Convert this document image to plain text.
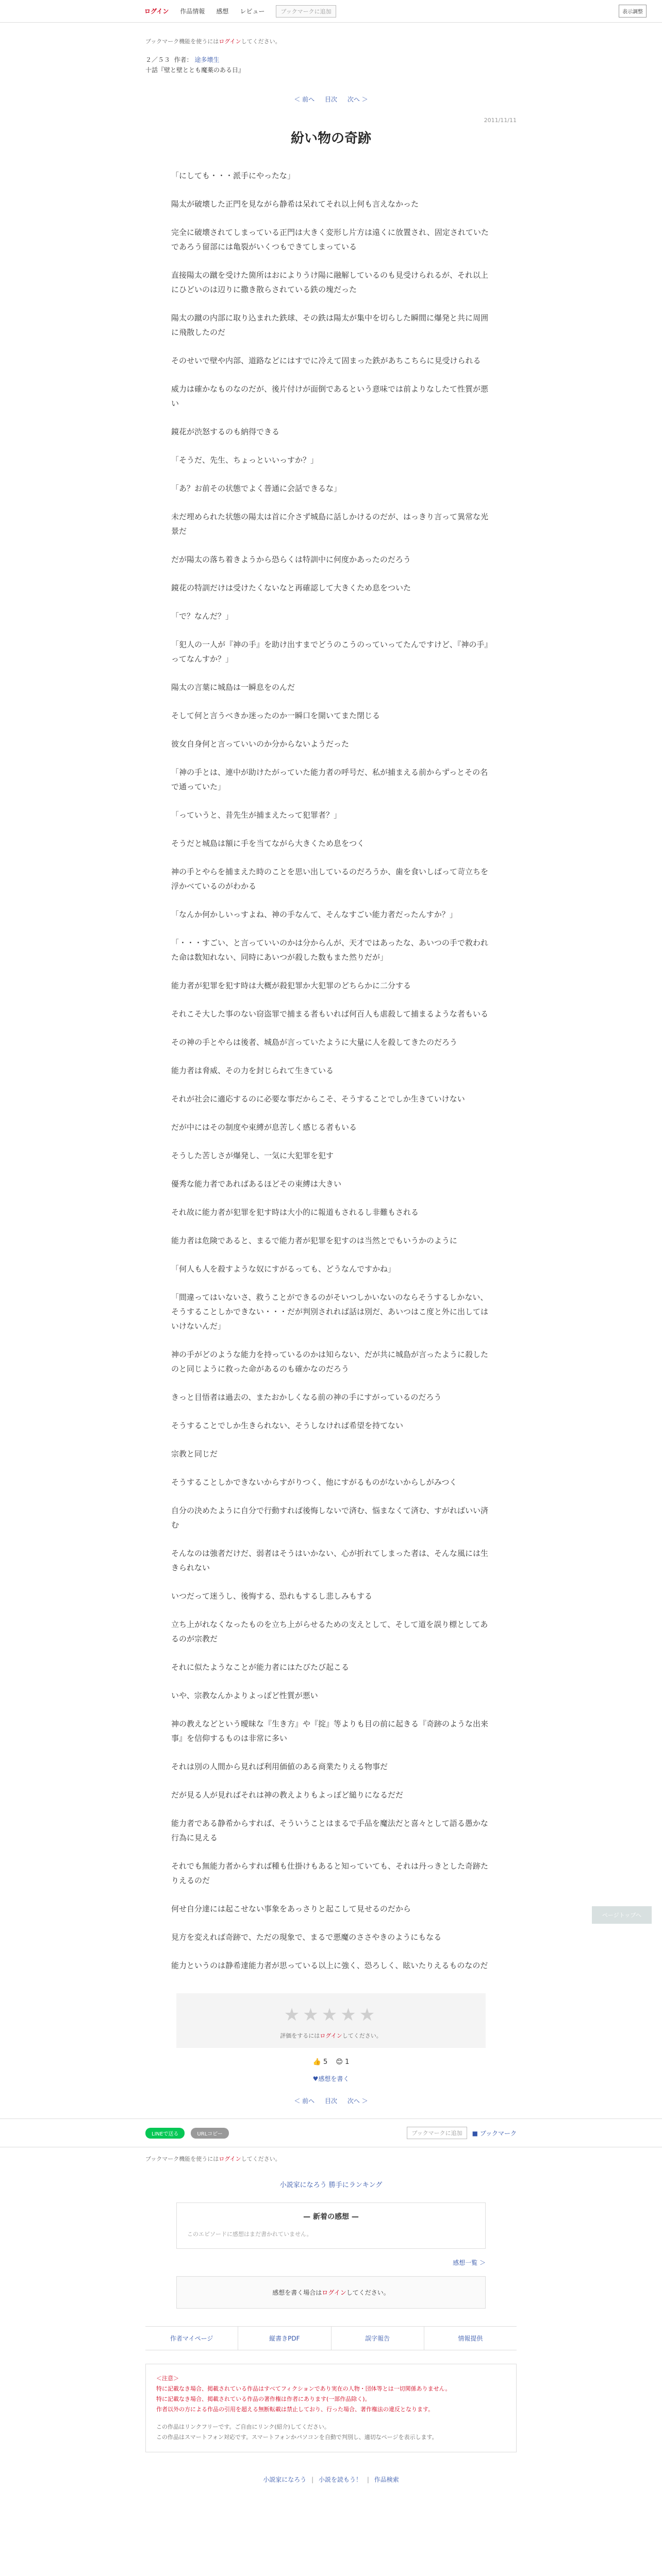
ログイン 作品情報 感想 レビュー	ブックマークに追加	表示調整
ブックマーク機能を使うにはログインしてください。
２／５３ 作者： 途多壊生
十話『壁と壁ととも魔薬のある日』
＜ 前へ 目次 次へ ＞
2011/11/11
紛い物の奇跡

「にしても・・・派手にやったな」

陽太が破壊した正門を見ながら静希は呆れてそれ以上何も言えなかった

完全に破壊されてしまっている正門は大きく変形し片方は遠くに放置され、固定されていたであろう留部には亀裂がいくつもできてしまっている

直接陽太の蹴を受けた箇所はおによりうけ陽に融解しているのも見受けられるが、それ以上にひどいのは辺りに撒き散らされている鉄の塊だった

陽太の蹴の内部に取り込まれた鉄球、その鉄は陽太が集中を切らした瞬間に爆発と共に周囲に飛散したのだ

そのせいで壁や内部、道路などにはすでに冷えて固まった鉄があちこちらに見受けられる

威力は確かなものなのだが、後片付けが面倒であるという意味では前よりなしたて性質が悪い

鏡花が渋怒するのも納得できる

「そうだ、先生、ちょっといいっすか？」

「あ？お前その状態でよく普通に会話できるな」

未だ埋められた状態の陽太は首に介さず城島に話しかけるのだが、はっきり言って異常な光景だ

だが陽太の落ち着きようから恐らくは特訓中に何度かあったのだろう

鏡花の特訓だけは受けたくないなと再確認して大きくため息をついた

「で？なんだ？」

「犯人の一人が『神の手』を助け出すまでどうのこうのっていってたんですけど、『神の手』ってなんすか？」

陽太の言葉に城島は一瞬息をのんだ

そして何と言うべきか迷ったのか一瞬口を開いてまた閉じる

彼女自身何と言っていいのか分からないようだった

「神の手とは、連中が助けたがっていた能力者の呼号だ、私が捕まえる前からずっとその名で通っていた」

「っていうと、昔先生が捕まえたって犯罪者？」

そうだと城島は額に手を当てながら大きくため息をつく

神の手とやらを捕まえた時のことを思い出しているのだろうか、歯を食いしばって苛立ちを浮かべているのがわかる

「なんか何かしいっすよね、神の手なんて、そんなすごい能力者だったんすか？」

「・・・すごい、と言っていいのかは分からんが、天才ではあったな、あいつの手で救われた命は数知れない、同時にあいつが殺した数もまた然りだが」

能力者が犯罪を犯す時は大概が殺犯罪か大犯罪のどちらかに二分する

それこそ大した事のない窃盗罪で捕まる者もいれば何百人も虐殺して捕まるような者もいる

その神の手とやらは後者、城島が言っていたように大量に人を殺してきたのだろう

能力者は脅威、その力を封じられて生きている

それが社会に適応するのに必要な事だからこそ、そうすることでしか生きていけない

だが中にはその制度や束縛が息苦しく感じる者もいる

そうした苦しさが爆発し、一気に大犯罪を犯す

優秀な能力者であればあるほどその束縛は大きい

それ故に能力者が犯罪を犯す時は大小的に報道もされるし非難もされる

能力者は危険であると、まるで能力者が犯罪を犯すのは当然とでもいうかのように

「何人も人を殺すような奴にすがるっても、どうなんですかね」

「間違ってはいないさ、救うことができるのがそいつしかいないのならそうするしかない、そうすることしかできない・・・だが判別されれば話は別だ、あいつはこ度と外に出してはいけないんだ」

神の手がどのような能力を持っているのかは知らない、だが共に城島が言ったように殺したのと同じように救った命があるのも確かなのだろう

きっと目悟者は過去の、またおかしくなる前の神の手にすがっているのだろう

そうすることでしか生きられない、そうしなければ希望を持てない

宗教と同じだ

そうすることしかできないからすがりつく、他にすがるものがないからしがみつく

自分の決めたように自分で行動すれば後悔しないで済む、悩まなくて済む、すがればいい済む

そんなのは強者だけだ、弱者はそうはいかない、心が折れてしまった者は、そんな風には生きられない

いつだって迷うし、後悔する、恐れもするし悲しみもする

立ち上がれなくなったものを立ち上がらせるための支えとして、そして道を誤り標としてあるのが宗教だ

それに似たようなことが能力者にはたびたび起こる

いや、宗教なんかよりよっぽど性質が悪い

神の教えなどという曖昧な『生き方』や『掟』等よりも目の前に起きる『奇跡のような出来事』を信仰するものは非常に多い

それは別の人間から見れば利用価値のある商業たりえる物事だ

だが見る人が見ればそれは神の教えよりもよっぽど縋りになるだだ

能力者である静希からすれば、そういうことはまるで手品を魔法だと喜々として語る愚かな行為に見える

それでも無能力者からすれば種も仕掛けもあると知っていても、それは丹っきとした奇跡たりえるのだ

何せ自分達には起こせない事象をあっさりと起こして見せるのだから

見方を変えれば奇跡で、ただの現象で、まるで悪魔のささやきのようにもなる

能力というのは静希達能力者が思っている以上に強く、恐ろしく、眩いたりえるものなのだ

★★★★★
評価をするにはログインしてください。
👍 5 😊 1
♥感想を書く
＜ 前へ 目次 次へ ＞
LINEで送る	URLコピー	ブックマークに追加	■ ブックマーク
ブックマーク機能を使うにはログインしてください。
小説家になろう 勝手にランキング
— 新着の感想 —
このエピソードに感想はまだ書かれていません。
感想一覧 ＞
感想を書く場合はログインしてください。
作者マイページ	縦書きPDF	誤字報告	情報提供
＜注意＞
特に記載なき場合、掲載されている作品はすべてフィクションであり実在の人物・団体等とは一切関係ありません。
特に記載なき場合、掲載されている作品の著作権は作者にあります(一部作品除く)。
作者以外の方による作品の引用を超える無断転載は禁止しており、行った場合、著作権法の違反となります。
この作品はリンクフリーです。ご自由にリンク(紹介)してください。
この作品はスマートフォン対応です。スマートフォンかパソコンを自動で判別し、適切なページを表示します。
小説家になろう | 小説を読もう！ | 作品検索
ページトップへ
